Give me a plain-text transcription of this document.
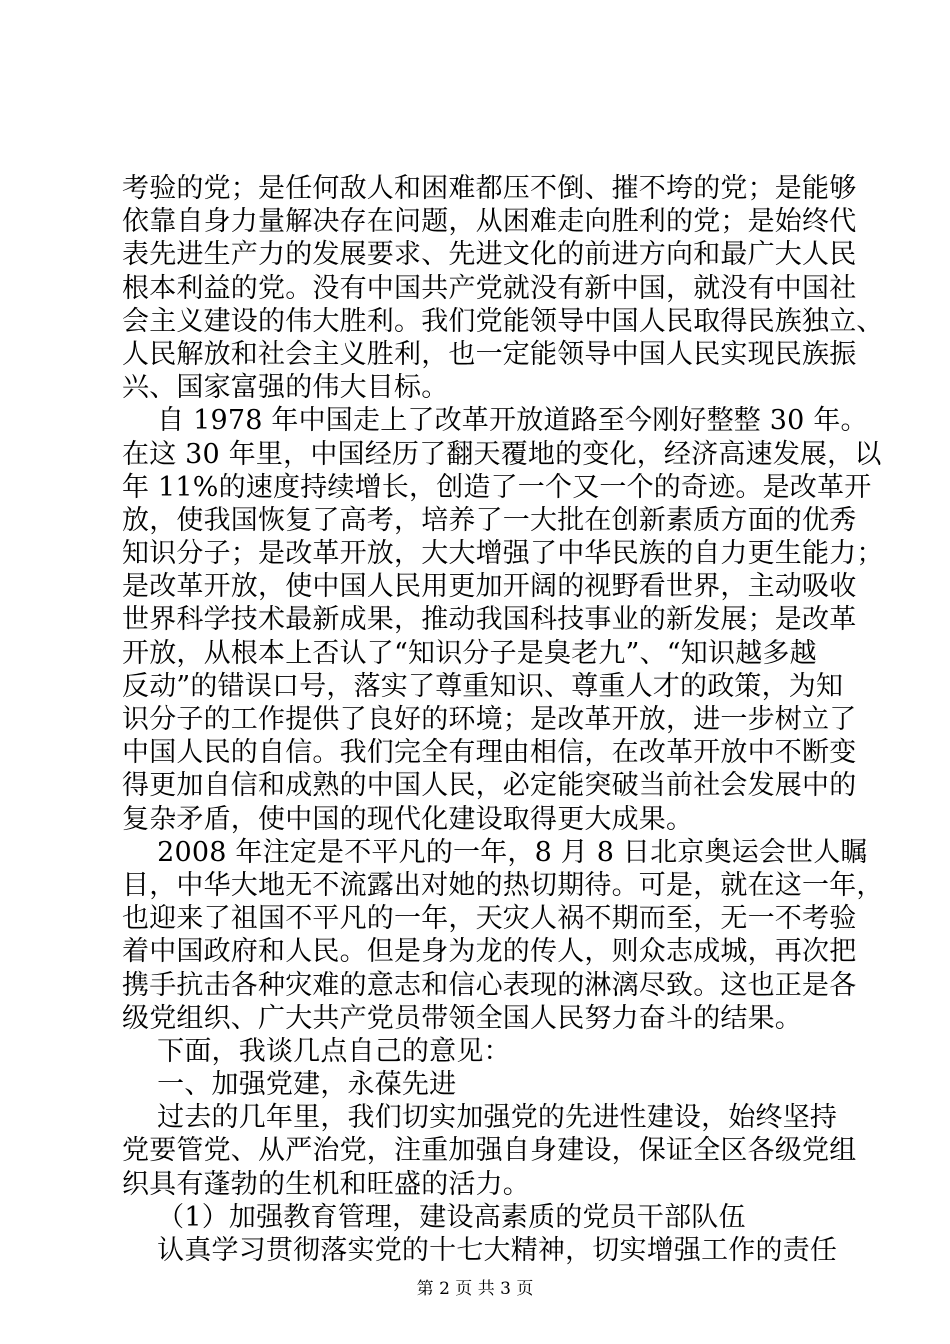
考验的党；是任何敌人和困难都压不倒、摧不垮的党；是能够
依靠自身力量解决存在问题，从困难走向胜利的党；是始终代
表先进生产力的发展要求、先进文化的前进方向和最广大人民
根本利益的党。没有中国共产党就没有新中国，就没有中国社
会主义建设的伟大胜利。我们党能领导中国人民取得民族独立、
人民解放和社会主义胜利，也一定能领导中国人民实现民族振
兴、国家富强的伟大目标。
自 1978 年中国走上了改革开放道路至今刚好整整 30 年。
在这 30 年里，中国经历了翻天覆地的变化，经济高速发展，以
年 11%的速度持续增长，创造了一个又一个的奇迹。是改革开
放，使我国恢复了高考，培养了一大批在创新素质方面的优秀
知识分子；是改革开放，大大增强了中华民族的自力更生能力；
是改革开放，使中国人民用更加开阔的视野看世界，主动吸收
世界科学技术最新成果，推动我国科技事业的新发展；是改革
开放，从根本上否认了“知识分子是臭老九”、“知识越多越
反动”的错误口号，落实了尊重知识、尊重人才的政策，为知
识分子的工作提供了良好的环境；是改革开放，进一步树立了
中国人民的自信。我们完全有理由相信，在改革开放中不断变
得更加自信和成熟的中国人民，必定能突破当前社会发展中的
复杂矛盾，使中国的现代化建设取得更大成果。
2008 年注定是不平凡的一年，8 月 8 日北京奥运会世人瞩
目，中华大地无不流露出对她的热切期待。可是，就在这一年，
也迎来了祖国不平凡的一年，天灾人祸不期而至，无一不考验
着中国政府和人民。但是身为龙的传人，则众志成城，再次把
携手抗击各种灾难的意志和信心表现的淋漓尽致。这也正是各
级党组织、广大共产党员带领全国人民努力奋斗的结果。
下面，我谈几点自己的意见：
一、加强党建，永葆先进
过去的几年里，我们切实加强党的先进性建设，始终坚持
党要管党、从严治党，注重加强自身建设，保证全区各级党组
织具有蓬勃的生机和旺盛的活力。
（1）加强教育管理，建设高素质的党员干部队伍
认真学习贯彻落实党的十七大精神，切实增强工作的责任
第 2 页 共 3 页
